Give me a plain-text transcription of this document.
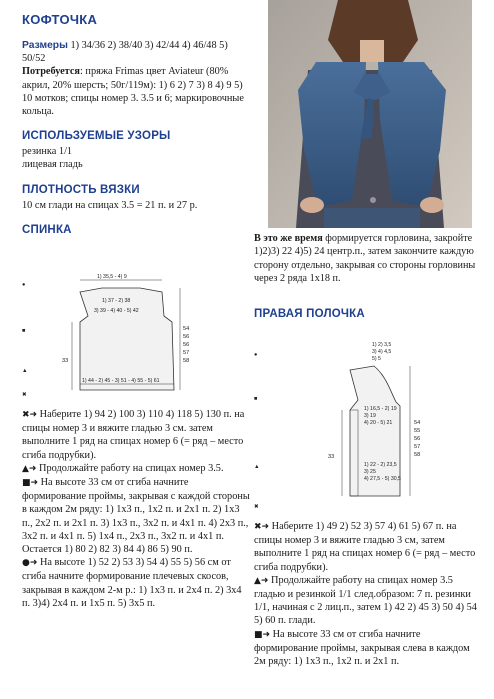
КОФТОЧКА

Размеры 1) 34/36 2) 38/40 3) 42/44 4) 46/48 5) 50/52

Потребуется: пряжа Frimas цвет Aviateur (80% акрил, 20% шерсть; 50г/119м): 1) 6 2) 7 3) 8 4) 9 5) 10 мотков; спицы номер 3. 3.5 и 6; маркировочные кольца.

ИСПОЛЬЗУЕМЫЕ УЗОРЫ

резинка 1/1

лицевая гладь

ПЛОТНОСТЬ ВЯЗКИ

10 см глади на спицах 3.5 = 21 п. и 27 р.

СПИНКА

В это же время формируется горловина, закройте 1)2)3) 22 4)5) 24 центр.п., затем закончите каждую сторону отдельно, закрывая со стороны горловины через 2 ряда 1x18 п.

ПРАВАЯ ПОЛОЧКА
●
■
▲
✖
1) 35,5 - 4) 9
1) 37 - 2) 38
3) 39 - 4) 40 - 5) 42
1) 44 - 2) 45 - 3) 51 - 4) 55 - 5) 61
54
56
56
57
58
33
●
■
▲
✖
1) 2) 3,5
3) 4) 4,5
5) 5
1) 16,5 - 2) 19
3) 19
4) 20 - 5) 21
1) 22 - 2) 23,5
3) 25
4) 27,5 - 5) 30,5
54
55
56
57
58
33

✖➜ Наберите 1) 94 2) 100 3) 110 4) 118 5) 130 п. на спицы номер 3 и вяжите гладью 3 см. затем выполните 1 ряд на спицах номер 6 (= ряд – место сгиба подрубки).

▲➜ Продолжайте работу на спицах номер 3.5.

■➜ На высоте 33 см от сгиба начните формирование проймы, закрывая с каждой стороны в каждом 2м ряду: 1) 1x3 п., 1x2 п. и 2x1 п. 2) 1x3 п., 2x2 п. и 2x1 п. 3) 1x3 п., 3x2 п. и 4x1 п. 4) 2x3 п., 3x2 п. и 4x1 п. 5) 1x4 п., 2x3 п., 3x2 п. и 4x1 п. Остается 1) 80 2) 82 3) 84 4) 86 5) 90 п.

●➜ На высоте 1) 52 2) 53 3) 54 4) 55 5) 56 см от сгиба начните формирование плечевых скосов, закрывая в каждом 2-м р.: 1) 1x3 п. и 2x4 п. 2) 3x4 п. 3)4) 2x4 п. и 1x5 п. 5) 3x5 п.

✖➜ Наберите 1) 49 2) 52 3) 57 4) 61 5) 67 п. на спицы номер 3 и вяжите гладью 3 см, затем выполните 1 ряд на спицах номер 6 (= ряд – место сгиба подрубки).

▲➜ Продолжайте работу на спицах номер 3.5 гладью и резинкой 1/1 след.образом: 7 п. резинки 1/1, начиная с 2 лиц.п., затем 1) 42 2) 45 3) 50 4) 54 5) 60 п. глади.

■➜ На высоте 33 см от сгиба начните формирование проймы, закрывая слева в каждом 2м ряду: 1) 1x3 п., 1x2 п. и 2x1 п.
